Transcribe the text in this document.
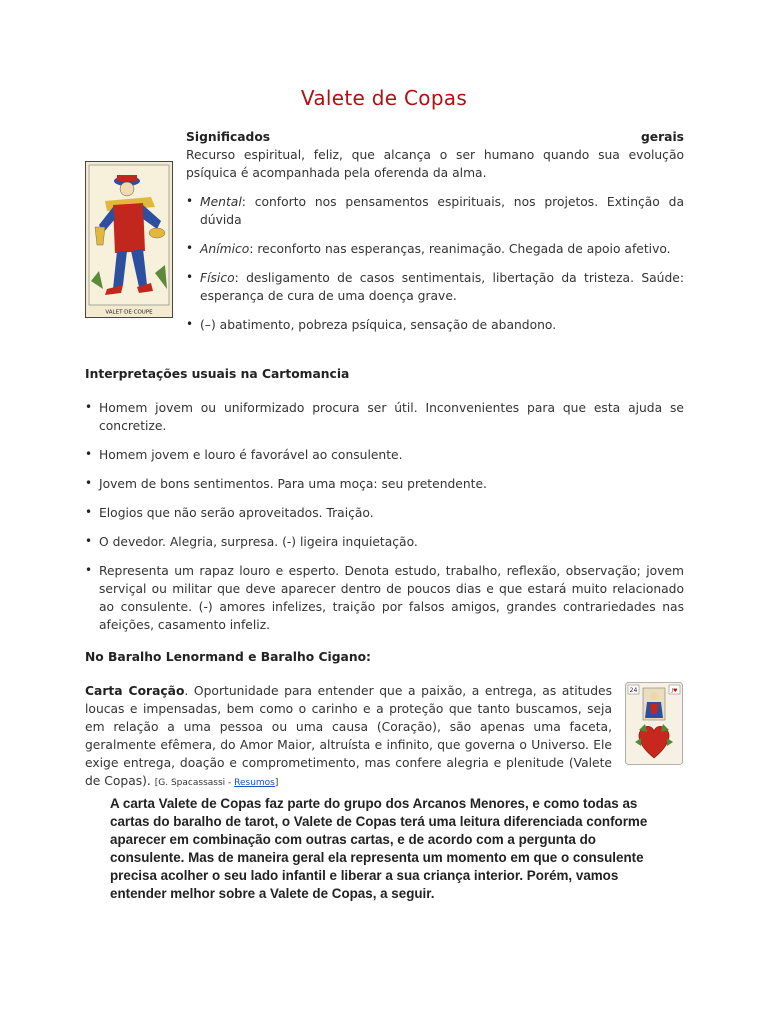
Valete de Copas
VALET·DE·COUPE
Significados	gerais
Recurso espiritual, feliz, que alcança o ser humano quando sua evolução psíquica é acompanhada pela oferenda da alma.
• Mental: conforto nos pensamentos espirituais, nos projetos. Extinção da dúvida
• Anímico: reconforto nas esperanças, reanimação. Chegada de apoio afetivo.
• Físico: desligamento de casos sentimentais, libertação da tristeza. Saúde: esperança de cura de uma doença grave.
• (–) abatimento, pobreza psíquica, sensação de abandono.
Interpretações usuais na Cartomancia
• Homem jovem ou uniformizado procura ser útil. Inconvenientes para que esta ajuda se concretize.
• Homem jovem e louro é favorável ao consulente.
• Jovem de bons sentimentos. Para uma moça: seu pretendente.
• Elogios que não serão aproveitados. Traição.
• O devedor. Alegria, surpresa. (-) ligeira inquietação.
• Representa um rapaz louro e esperto. Denota estudo, trabalho, reflexão, observação; jovem serviçal ou militar que deve aparecer dentro de poucos dias e que estará muito relacionado ao consulente. (-) amores infelizes, traição por falsos amigos, grandes contrariedades nas afeições, casamento infeliz.
No Baralho Lenormand e Baralho Cigano:
Carta Coração. Oportunidade para entender que a paixão, a entrega, as atitudes loucas e impensadas, bem como o carinho e a proteção que tanto buscamos, seja em relação a uma pessoa ou uma causa (Coração), são apenas uma faceta, geralmente efêmera, do Amor Maior, altruísta e infinito, que governa o Universo. Ele exige entrega, doação e comprometimento, mas confere alegria e plenitude (Valete de Copas). [G. Spacassassi - Resumos]
24	J♥
A carta Valete de Copas faz parte do grupo dos Arcanos Menores, e como todas as cartas do baralho de tarot, o Valete de Copas terá uma leitura diferenciada conforme aparecer em combinação com outras cartas, e de acordo com a pergunta do consulente. Mas de maneira geral ela representa um momento em que o consulente precisa acolher o seu lado infantil e liberar a sua criança interior. Porém, vamos entender melhor sobre a Valete de Copas, a seguir.
